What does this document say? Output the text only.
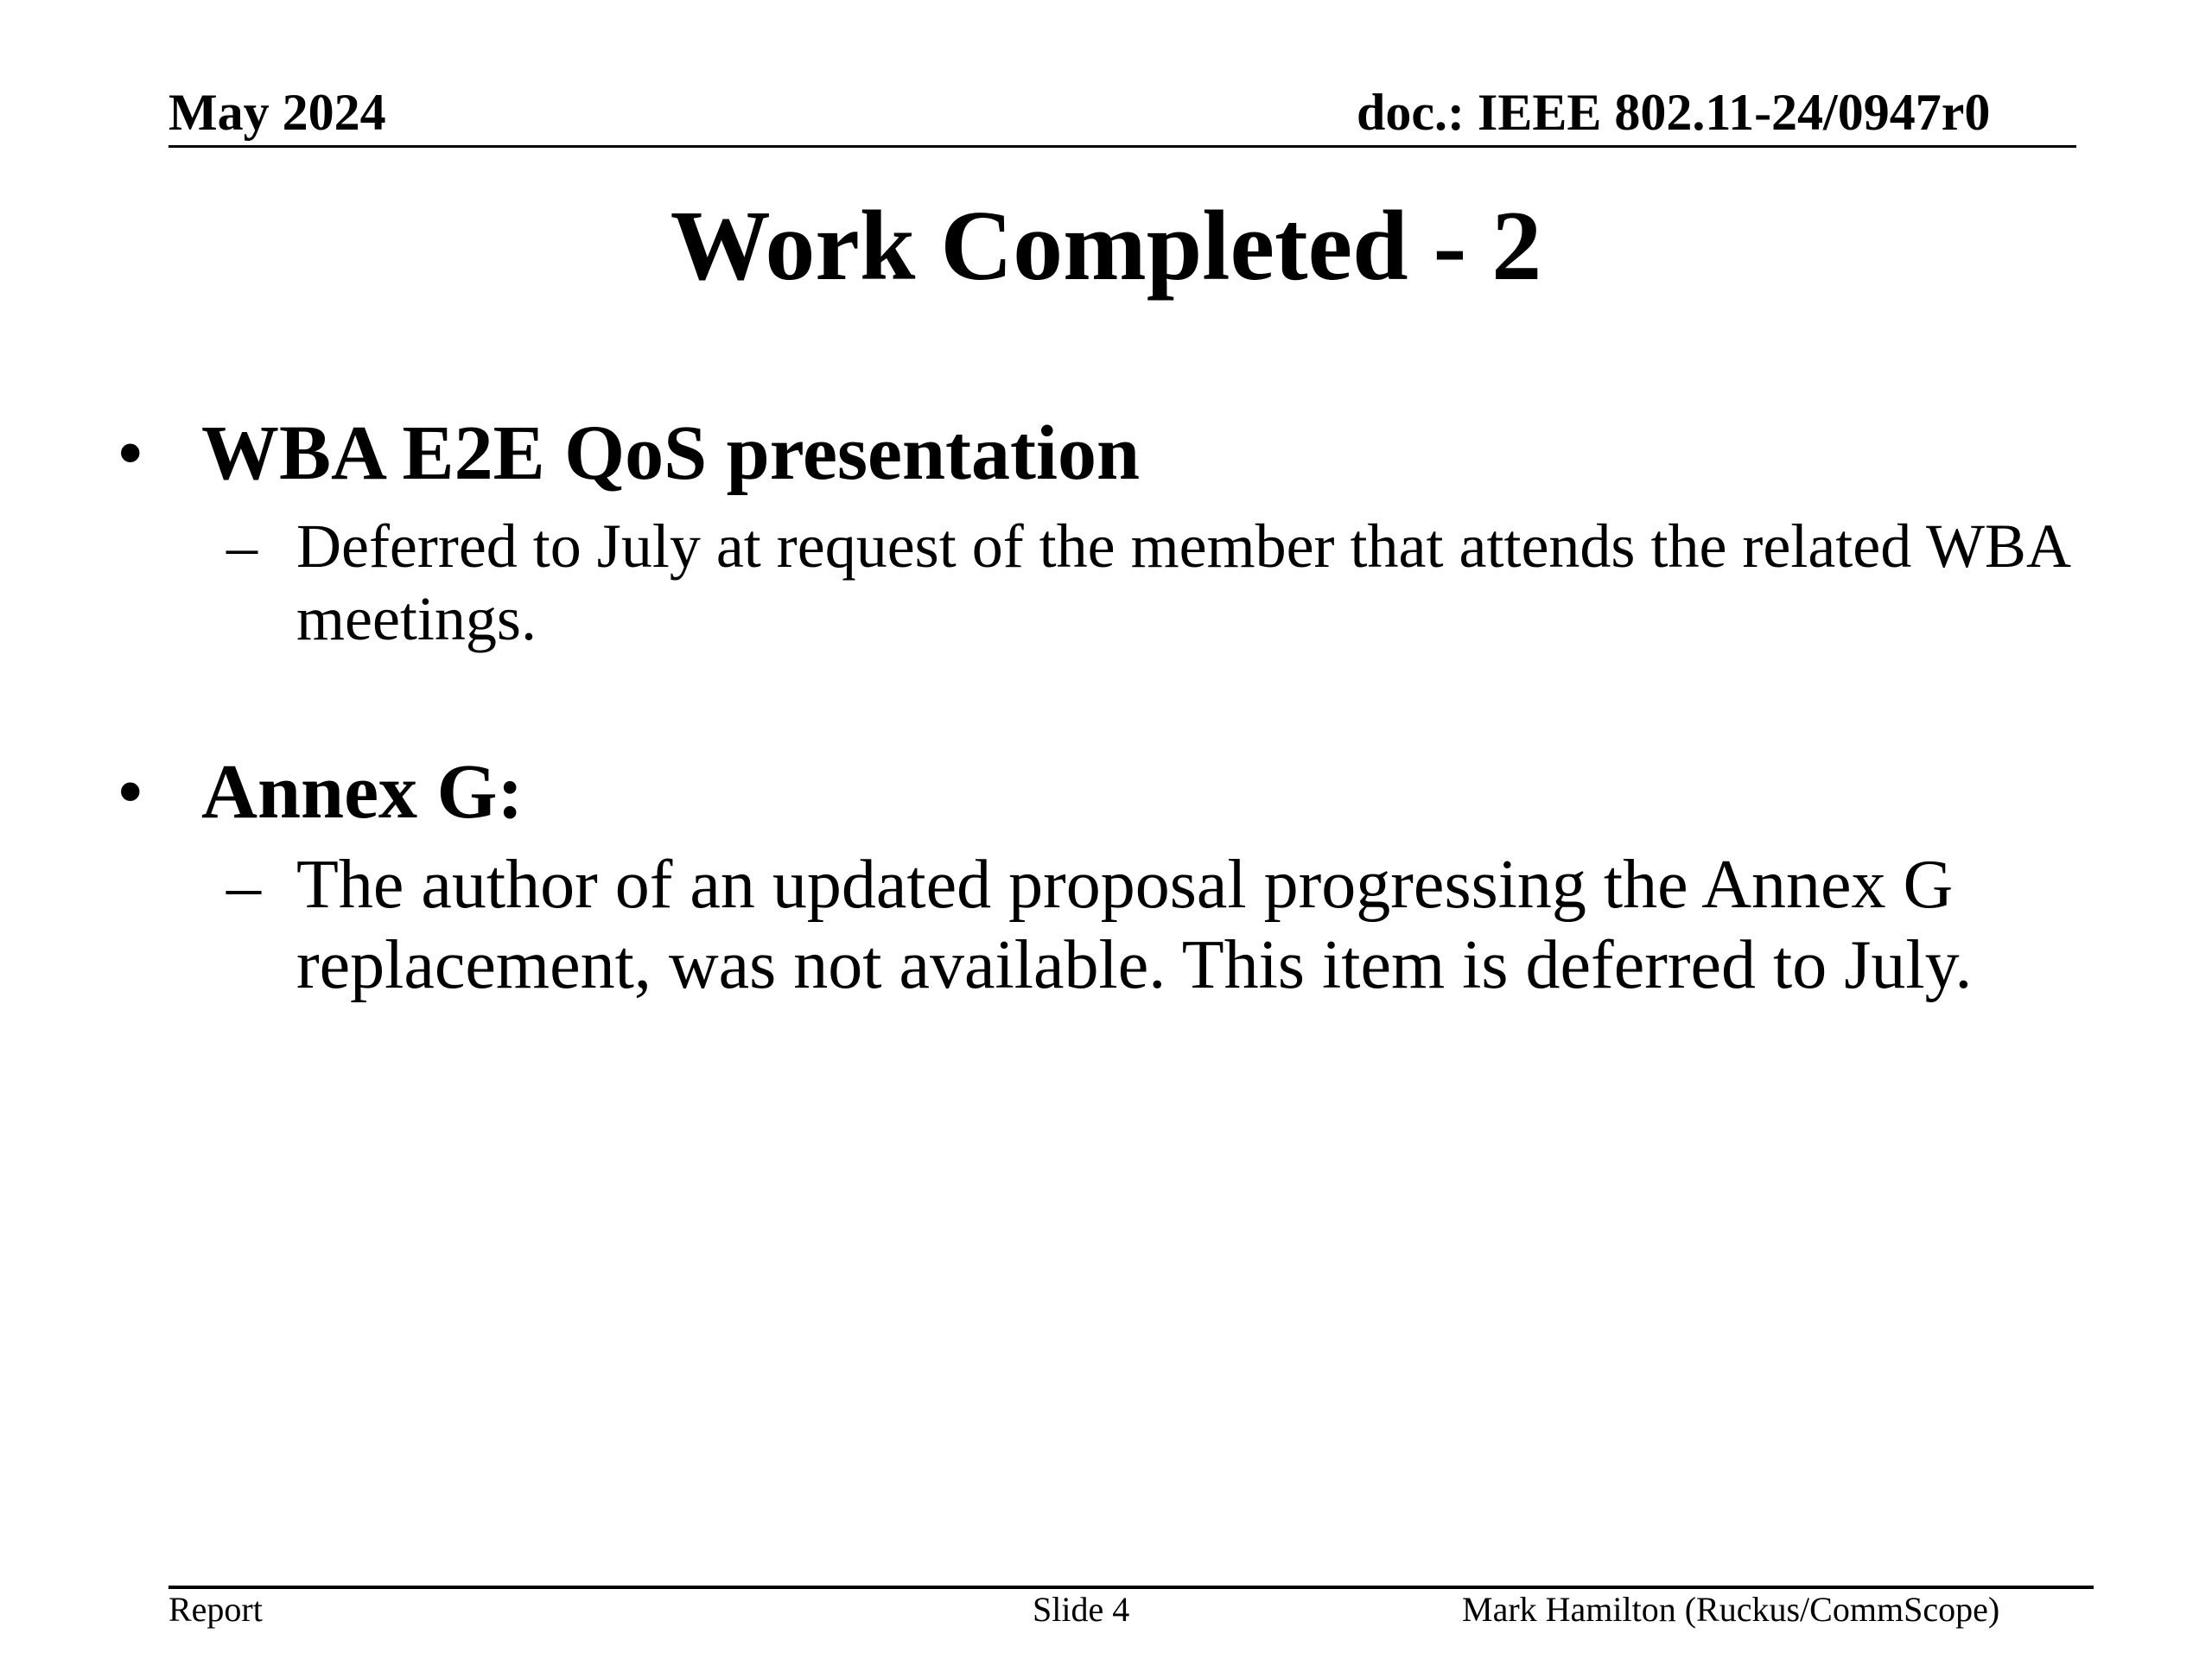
May 2024	doc.: IEEE 802.11-24/0947r0
Work Completed - 2
• WBA E2E QoS presentation
– Deferred to July at request of the member that attends the related WBA meetings.
• Annex G:
– The author of an updated proposal progressing the Annex G replacement, was not available. This item is deferred to July.
Report	Slide 4	Mark Hamilton (Ruckus/CommScope)
